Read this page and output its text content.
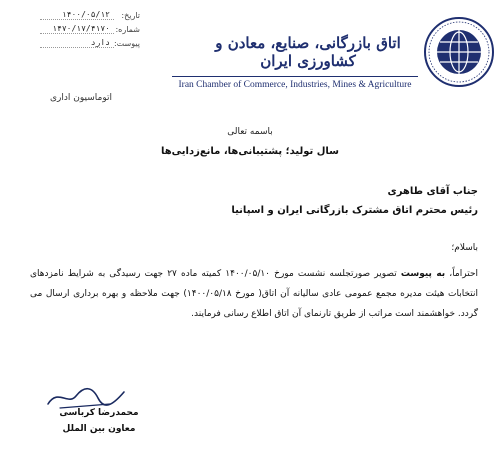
تاریخ:
۱۴۰۰/۰۵/۱۲
شماره:
۱۴۷۰/۱۷/۴۱۷۰
پیوست:
دارد
اتوماسیون اداری
اتاق بازرگانی، صنایع، معادن و کشاورزی ایران
Iran Chamber of Commerce, Industries, Mines & Agriculture
باسمه تعالی
سال تولید؛ پشتیبانی‌ها، مانع‌زدایی‌ها
جناب آقای طاهری
رئیس محترم اتاق مشترک بازرگانی ایران و اسپانیا
باسلام؛
احتراماً، به پیوست تصویر صورتجلسه نشست مورخ ۱۴۰۰/۰۵/۱۰ کمیته ماده ۲۷ جهت رسیدگی به شرایط نامزدهای انتخابات هیئت مدیره مجمع عمومی عادی سالیانه آن اتاق( مورخ ۱۴۰۰/۰۵/۱۸) جهت ملاحظه و بهره برداری ارسال می گردد. خواهشمند است مراتب از طریق تارنمای آن اتاق اطلاع رسانی فرمایند.
محمدرضا کرباسی
معاون بین الملل
